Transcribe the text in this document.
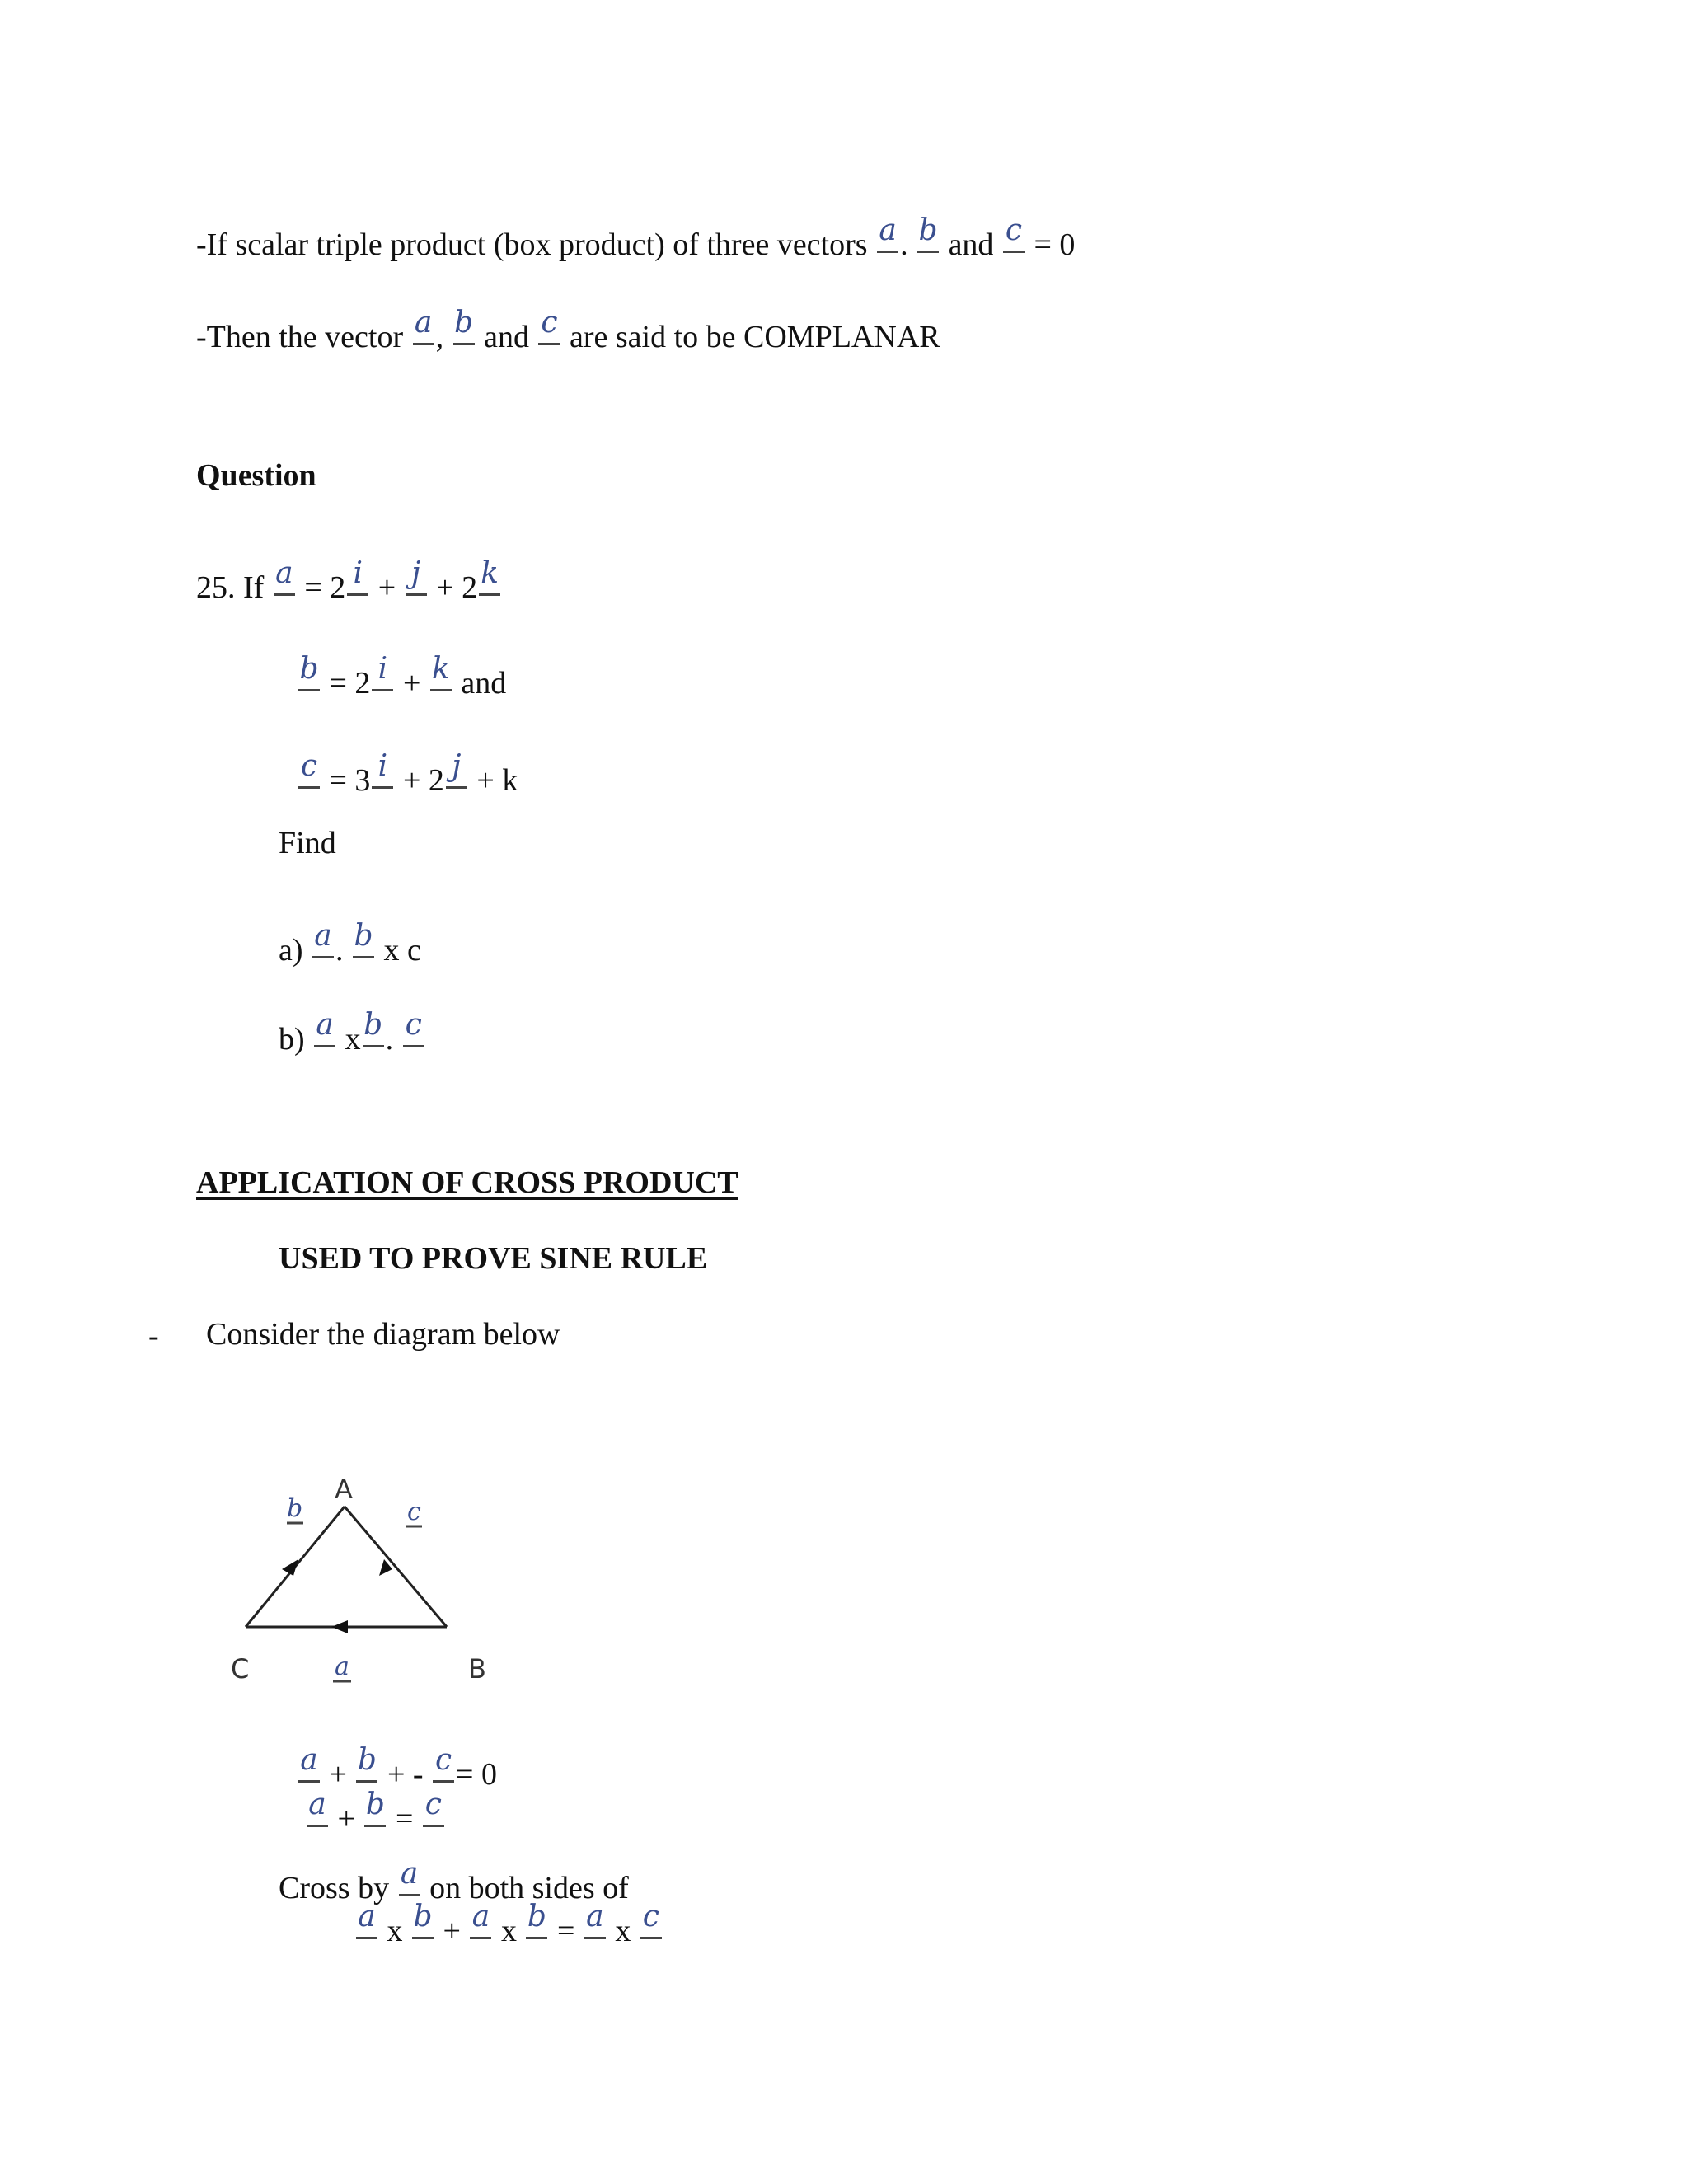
-If scalar triple product (box product) of three vectors a . b and c = 0
-Then the vector a , b and c are said to be COMPLANAR
Question
25. If a = 2 i + j + 2 k
b = 2 i + k and
c = 3 i + 2 j + k
Find
a) a . b x c
b) a xb. c
APPLICATION OF CROSS PRODUCT
USED TO PROVE SINE RULE
- Consider the diagram below
A
B
C
b	c
a
a + b + - c = 0
a + b = c
Cross by a on both sides of
a x b + a x b = a x c
